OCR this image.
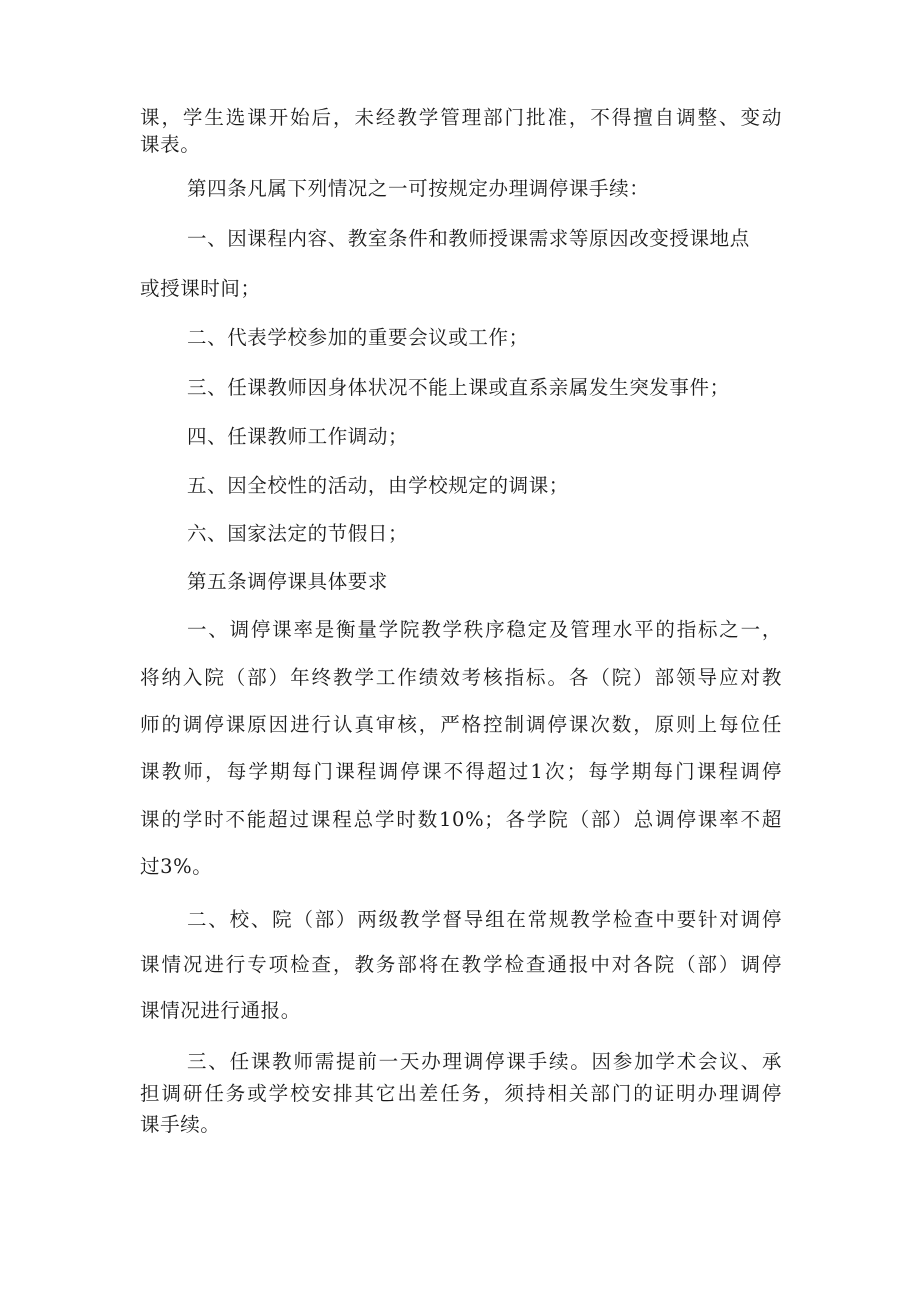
课，学生选课开始后，未经教学管理部门批准，不得擅自调整、变动
课表。
第四条凡属下列情况之一可按规定办理调停课手续：
一、因课程内容、教室条件和教师授课需求等原因改变授课地点
或授课时间；
二、代表学校参加的重要会议或工作；
三、任课教师因身体状况不能上课或直系亲属发生突发事件；
四、任课教师工作调动；
五、因全校性的活动，由学校规定的调课；
六、国家法定的节假日；
第五条调停课具体要求
一、调停课率是衡量学院教学秩序稳定及管理水平的指标之一，
将纳入院（部）年终教学工作绩效考核指标。各（院）部领导应对教
师的调停课原因进行认真审核，严格控制调停课次数，原则上每位任
课教师，每学期每门课程调停课不得超过1次；每学期每门课程调停
课的学时不能超过课程总学时数10%；各学院（部）总调停课率不超
过3%。
二、校、院（部）两级教学督导组在常规教学检查中要针对调停
课情况进行专项检查，教务部将在教学检查通报中对各院（部）调停
课情况进行通报。
三、任课教师需提前一天办理调停课手续。因参加学术会议、承
担调研任务或学校安排其它出差任务，须持相关部门的证明办理调停
课手续。
